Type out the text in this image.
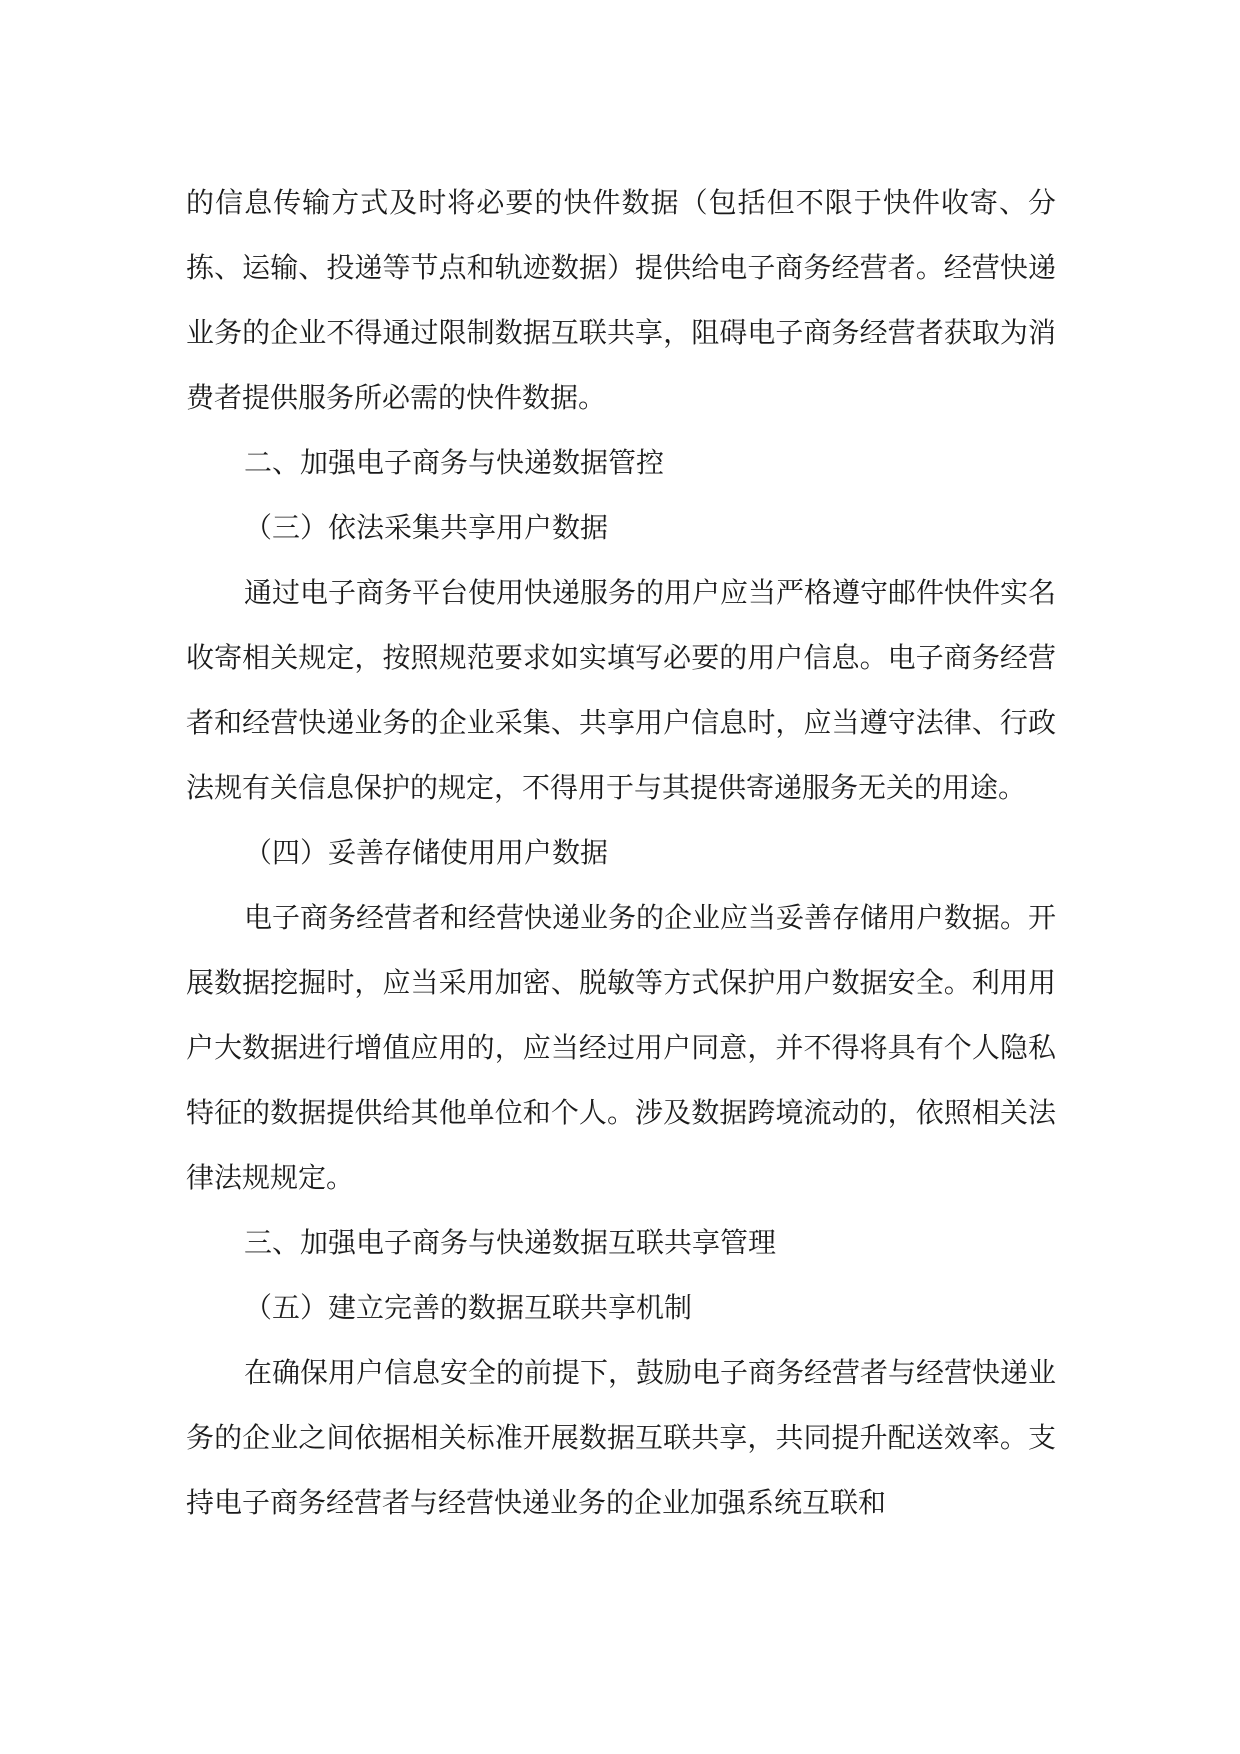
的信息传输方式及时将必要的快件数据（包括但不限于快件收寄、分拣、运输、投递等节点和轨迹数据）提供给电子商务经营者。经营快递业务的企业不得通过限制数据互联共享，阻碍电子商务经营者获取为消费者提供服务所必需的快件数据。

二、加强电子商务与快递数据管控

（三）依法采集共享用户数据

通过电子商务平台使用快递服务的用户应当严格遵守邮件快件实名收寄相关规定，按照规范要求如实填写必要的用户信息。电子商务经营者和经营快递业务的企业采集、共享用户信息时，应当遵守法律、行政法规有关信息保护的规定，不得用于与其提供寄递服务无关的用途。

（四）妥善存储使用用户数据

电子商务经营者和经营快递业务的企业应当妥善存储用户数据。开展数据挖掘时，应当采用加密、脱敏等方式保护用户数据安全。利用用户大数据进行增值应用的，应当经过用户同意，并不得将具有个人隐私特征的数据提供给其他单位和个人。涉及数据跨境流动的，依照相关法律法规规定。

三、加强电子商务与快递数据互联共享管理

（五）建立完善的数据互联共享机制

在确保用户信息安全的前提下，鼓励电子商务经营者与经营快递业务的企业之间依据相关标准开展数据互联共享，共同提升配送效率。支持电子商务经营者与经营快递业务的企业加强系统互联和
